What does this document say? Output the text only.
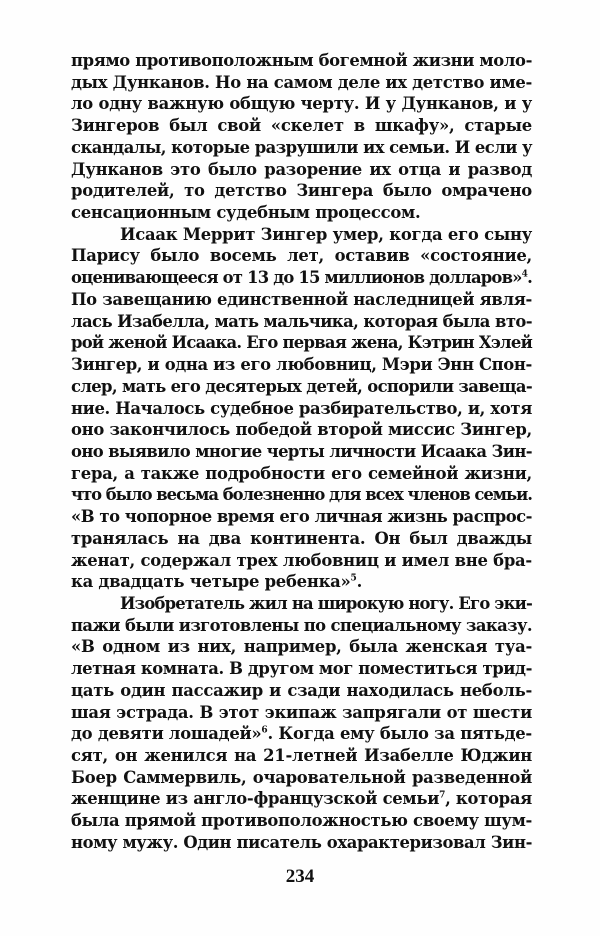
прямо противоположным богемной жизни моло-
дых Дунканов. Но на самом деле их детство име-
ло одну важную общую черту. И у Дунканов, и у
Зингеров был свой «скелет в шкафу», старые
скандалы, которые разрушили их семьи. И если у
Дунканов это было разорение их отца и развод
родителей, то детство Зингера было омрачено
сенсационным судебным процессом.
Исаак Меррит Зингер умер, когда его сыну
Парису было восемь лет, оставив «состояние,
оценивающееся от 13 до 15 миллионов долларов»$^4$.
По завещанию единственной наследницей явля-
лась Изабелла, мать мальчика, которая была вто-
рой женой Исаака. Его первая жена, Кэтрин Хэлей
Зингер, и одна из его любовниц, Мэри Энн Спон-
слер, мать его десятерых детей, оспорили завеща-
ние. Началось судебное разбирательство, и, хотя
оно закончилось победой второй миссис Зингер,
оно выявило многие черты личности Исаака Зин-
гера, а также подробности его семейной жизни,
что было весьма болезненно для всех членов семьи.
«В то чопорное время его личная жизнь распрос-
транялась на два континента. Он был дважды
женат, содержал трех любовниц и имел вне бра-
ка двадцать четыре ребенка»$^5$.
Изобретатель жил на широкую ногу. Его эки-
пажи были изготовлены по специальному заказу.
«В одном из них, например, была женская туа-
летная комната. В другом мог поместиться трид-
цать один пассажир и сзади находилась неболь-
шая эстрада. В этот экипаж запрягали от шести
до девяти лошадей»$^6$. Когда ему было за пятьде-
сят, он женился на 21-летней Изабелле Юджин
Боер Саммервиль, очаровательной разведенной
женщине из англо-французской семьи$^7$, которая
была прямой противоположностью своему шум-
ному мужу. Один писатель охарактеризовал Зин-
234
